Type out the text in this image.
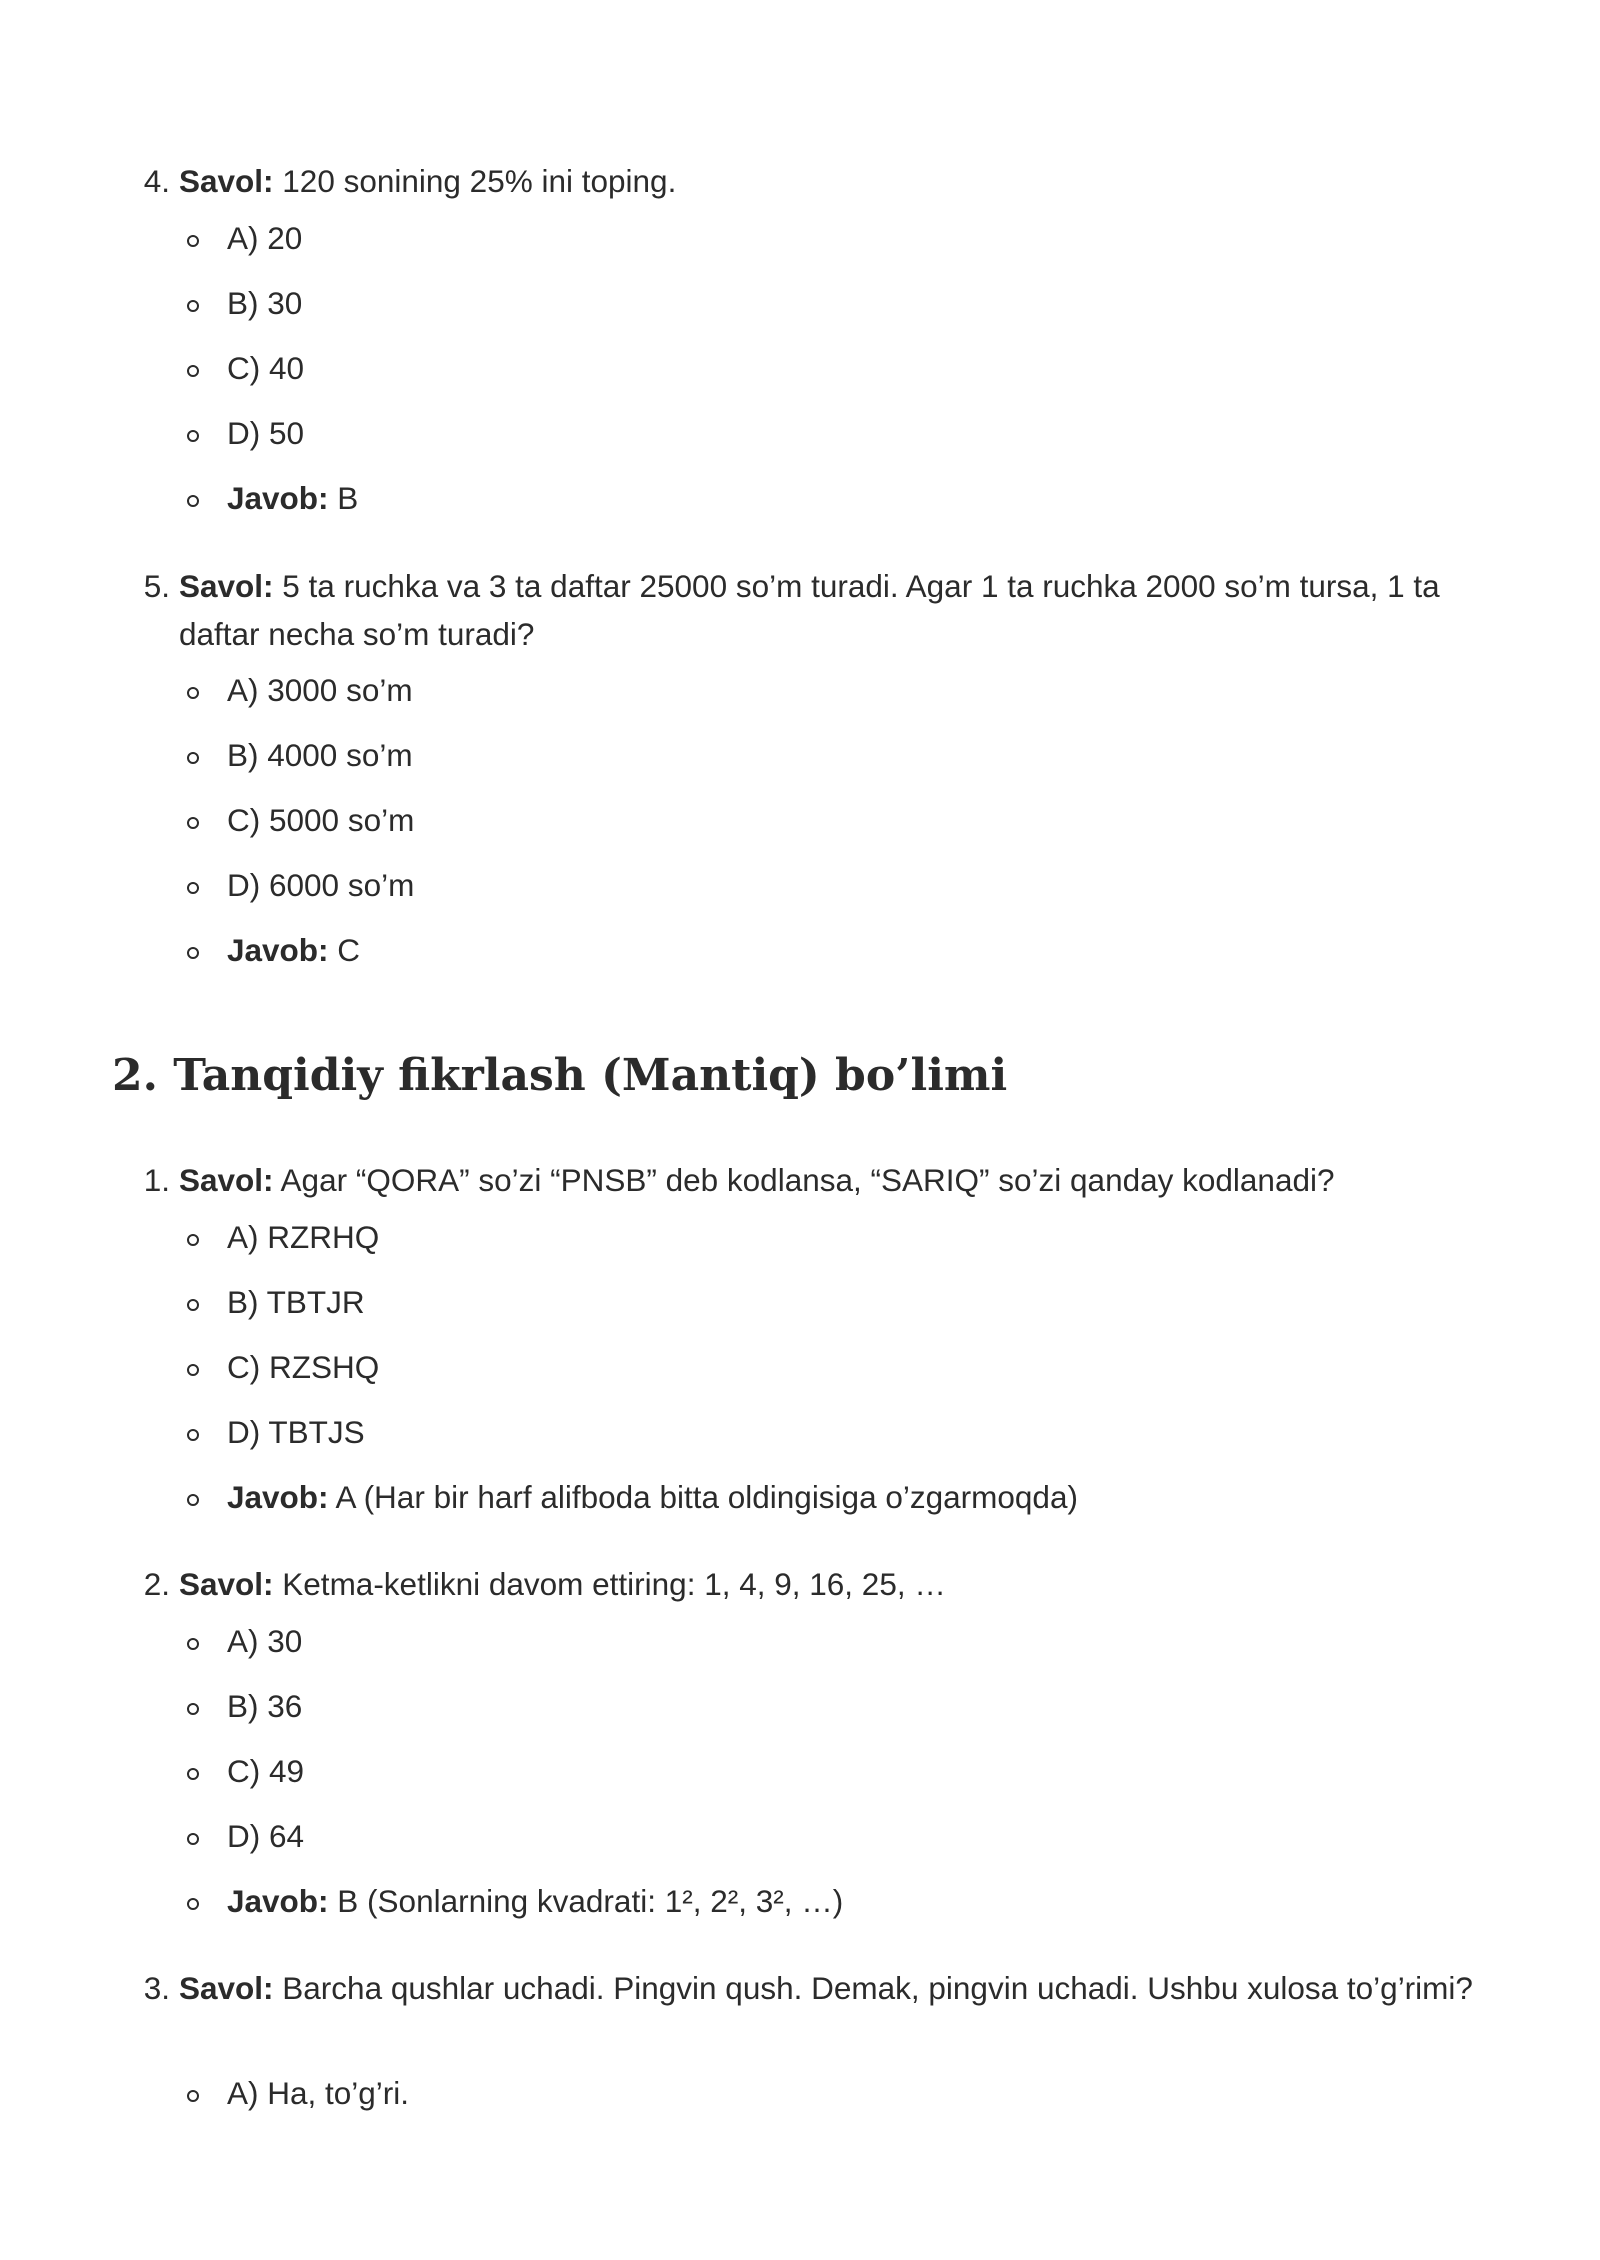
4. Savol: 120 sonining 25% ini toping.
A) 20
B) 30
C) 40
D) 50
Javob: B
5. Savol: 5 ta ruchka va 3 ta daftar 25000 so’m turadi. Agar 1 ta ruchka 2000 so’m tursa, 1 ta daftar necha so’m turadi?
A) 3000 so’m
B) 4000 so’m
C) 5000 so’m
D) 6000 so’m
Javob: C
2. Tanqidiy fikrlash (Mantiq) bo’limi
1. Savol: Agar “QORA” so’zi “PNSB” deb kodlansa, “SARIQ” so’zi qanday kodlanadi?
A) RZRHQ
B) TBTJR
C) RZSHQ
D) TBTJS
Javob: A (Har bir harf alifboda bitta oldingisiga o’zgarmoqda)
2. Savol: Ketma-ketlikni davom ettiring: 1, 4, 9, 16, 25, …
A) 30
B) 36
C) 49
D) 64
Javob: B (Sonlarning kvadrati: 1², 2², 3², …)
3. Savol: Barcha qushlar uchadi. Pingvin qush. Demak, pingvin uchadi. Ushbu xulosa to’g’rimi?
A) Ha, to’g’ri.
